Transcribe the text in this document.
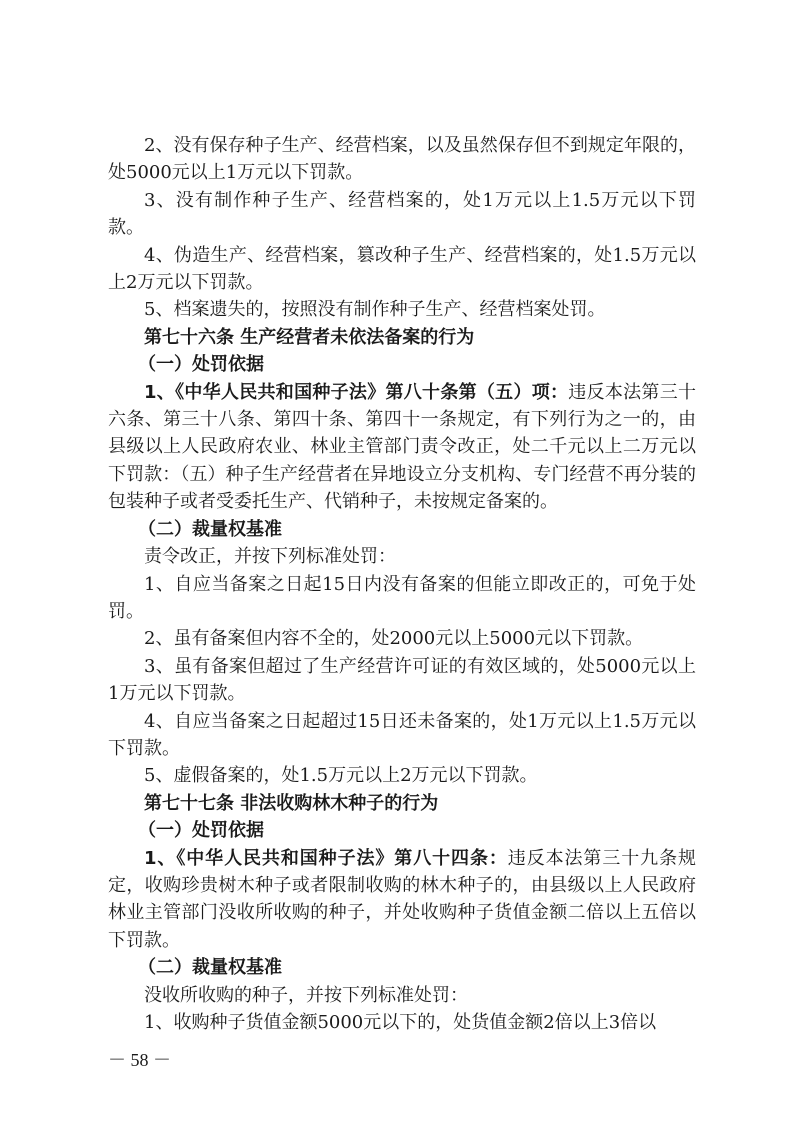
2、没有保存种子生产、经营档案，以及虽然保存但不到规定年限的，处5000元以上1万元以下罚款。

3、没有制作种子生产、经营档案的，处1万元以上1.5万元以下罚款。

4、伪造生产、经营档案，篡改种子生产、经营档案的，处1.5万元以上2万元以下罚款。

5、档案遗失的，按照没有制作种子生产、经营档案处罚。

第七十六条 生产经营者未依法备案的行为

（一）处罚依据

1、《中华人民共和国种子法》第八十条第（五）项：违反本法第三十六条、第三十八条、第四十条、第四十一条规定，有下列行为之一的，由县级以上人民政府农业、林业主管部门责令改正，处二千元以上二万元以下罚款：（五）种子生产经营者在异地设立分支机构、专门经营不再分装的包装种子或者受委托生产、代销种子，未按规定备案的。

（二）裁量权基准

责令改正，并按下列标准处罚：

1、自应当备案之日起15日内没有备案的但能立即改正的，可免于处罚。

2、虽有备案但内容不全的，处2000元以上5000元以下罚款。

3、虽有备案但超过了生产经营许可证的有效区域的，处5000元以上1万元以下罚款。

4、自应当备案之日起超过15日还未备案的，处1万元以上1.5万元以下罚款。

5、虚假备案的，处1.5万元以上2万元以下罚款。

第七十七条 非法收购林木种子的行为

（一）处罚依据

1、《中华人民共和国种子法》第八十四条：违反本法第三十九条规定，收购珍贵树木种子或者限制收购的林木种子的，由县级以上人民政府林业主管部门没收所收购的种子，并处收购种子货值金额二倍以上五倍以下罚款。

（二）裁量权基准

没收所收购的种子，并按下列标准处罚：

1、收购种子货值金额5000元以下的，处货值金额2倍以上3倍以

－ 58 －
